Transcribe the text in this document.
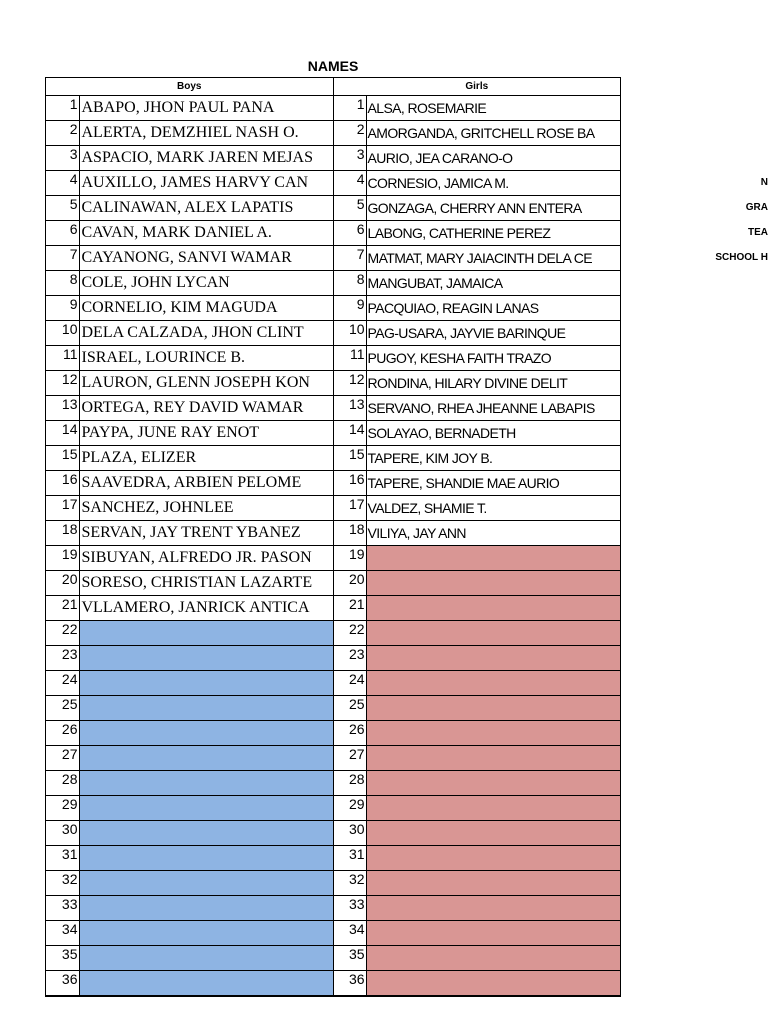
NAMES
Boys		Girls	
1	ABAPO, JHON PAUL PANA	1	ALSA, ROSEMARIE
2	ALERTA, DEMZHIEL NASH O.	2	AMORGANDA, GRITCHELL ROSE BA
3	ASPACIO, MARK JAREN MEJAS	3	AURIO, JEA CARANO-O
4	AUXILLO, JAMES HARVY CAN	4	CORNESIO, JAMICA M.
5	CALINAWAN, ALEX LAPATIS	5	GONZAGA, CHERRY ANN ENTERA
6	CAVAN, MARK DANIEL A.	6	LABONG, CATHERINE PEREZ
7	CAYANONG, SANVI WAMAR	7	MATMAT, MARY JAIACINTH DELA CE
8	COLE, JOHN LYCAN	8	MANGUBAT, JAMAICA
9	CORNELIO, KIM MAGUDA	9	PACQUIAO, REAGIN LANAS
10	DELA CALZADA, JHON CLINT	10	PAG-USARA, JAYVIE BARINQUE
11	ISRAEL, LOURINCE B.	11	PUGOY, KESHA FAITH TRAZO
12	LAURON, GLENN JOSEPH KON	12	RONDINA, HILARY DIVINE DELIT
13	ORTEGA, REY DAVID WAMAR	13	SERVANO, RHEA JHEANNE LABAPIS
14	PAYPA, JUNE RAY ENOT	14	SOLAYAO, BERNADETH
15	PLAZA, ELIZER	15	TAPERE, KIM JOY B.
16	SAAVEDRA, ARBIEN PELOME	16	TAPERE, SHANDIE MAE AURIO
17	SANCHEZ, JOHNLEE	17	VALDEZ, SHAMIE T.
18	SERVAN, JAY TRENT YBANEZ	18	VILIYA, JAY ANN
19	SIBUYAN, ALFREDO JR. PASON	19	
20	SORESO, CHRISTIAN LAZARTE	20	
21	VLLAMERO, JANRICK ANTICA	21	
22		22	
23		23	
24		24	
25		25	
26		26	
27		27	
28		28	
29		29	
30		30	
31		31	
32		32	
33		33	
34		34	
35		35	
36		36	
N
GRA
TEA
SCHOOL H
